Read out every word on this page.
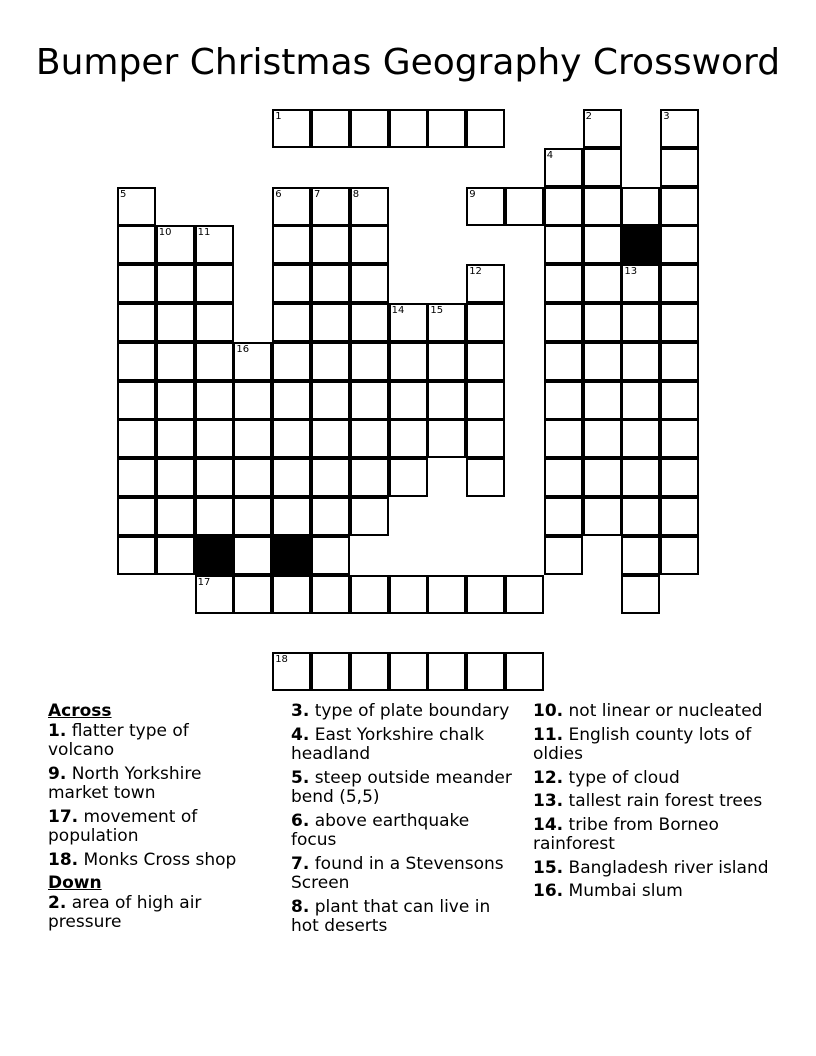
Bumper Christmas Geography Crossword
1	2	3
4
5	6	7	8	9
10	11
12	13
14	15
16
17
18
Across
1. flatter type of volcano
9. North Yorkshire market town
17. movement of population
18. Monks Cross shop
Down
2. area of high air pressure
3. type of plate boundary
4. East Yorkshire chalk headland
5. steep outside meander bend (5,5)
6. above earthquake focus
7. found in a Stevensons Screen
8. plant that can live in hot deserts
10. not linear or nucleated
11. English county lots of oldies
12. type of cloud
13. tallest rain forest trees
14. tribe from Borneo rainforest
15. Bangladesh river island
16. Mumbai slum
